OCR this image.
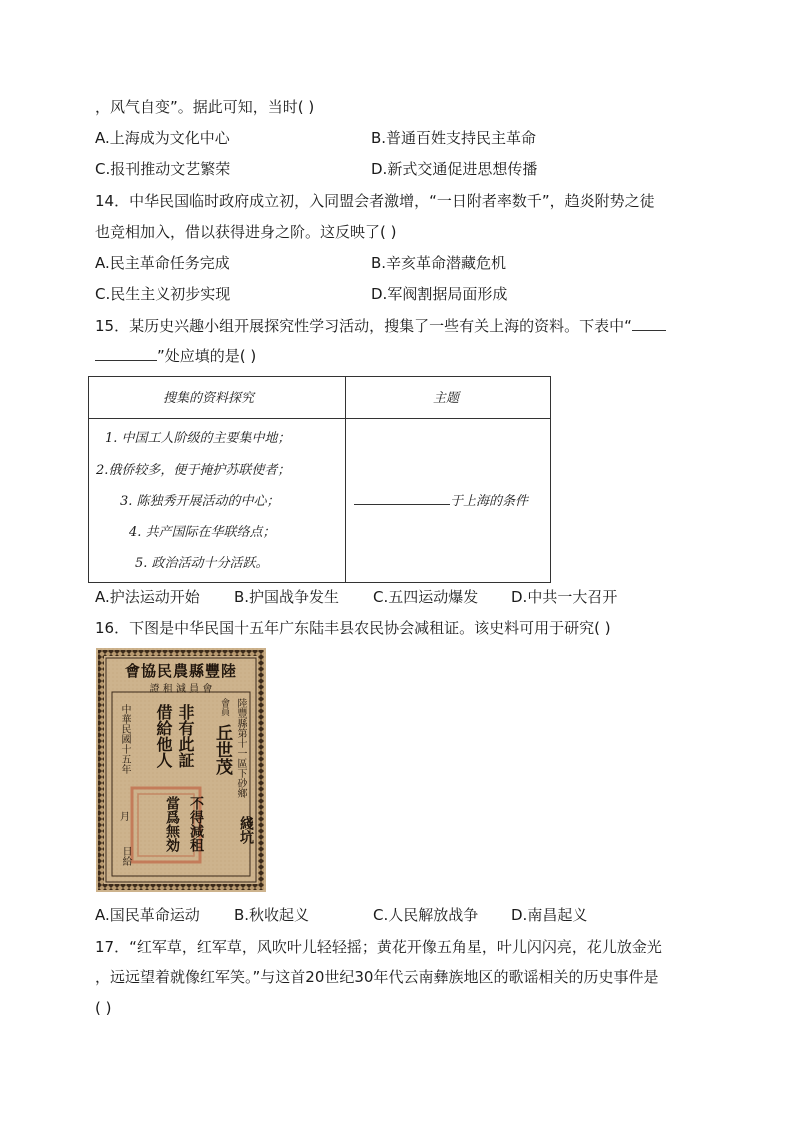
，风气自变”。据此可知，当时( )
A.上海成为文化中心	B.普通百姓支持民主革命
C.报刊推动文艺繁荣	D.新式交通促进思想传播
14．中华民国临时政府成立初，入同盟会者激增，“一日附者率数千”，趋炎附势之徒
也竞相加入，借以获得进身之阶。这反映了( )
A.民主革命任务完成	B.辛亥革命潜藏危机
C.民生主义初步实现	D.军阀割据局面形成
15．某历史兴趣小组开展探究性学习活动，搜集了一些有关上海的资料。下表中“
”处应填的是( )
搜集的资料探究	主题
1. 中国工人阶级的主要集中地；
2.俄侨较多，便于掩护苏联使者；
3. 陈独秀开展活动的中心；
4. 共产国际在华联络点；
5. 政治活动十分活跃。
于上海的条件
A.护法运动开始 B.护国战争发生 C.五四运动爆发 D.中共一大召开
16．下图是中华民国十五年广东陆丰县农民协会减租证。该史料可用于研究( )
會協民農縣豐陸
證 租 減 員 會
陸豐縣第十一區下砂鄉
綫坑
會員
丘世茂
非有此証
借給他人
不得減租
當爲無効
中華民國十五年
月
日給
A.国民革命运动 B.秋收起义	C.人民解放战争 D.南昌起义
17．“红军草，红军草，风吹叶儿轻轻摇；黄花开像五角星，叶儿闪闪亮，花儿放金光
，远远望着就像红军笑。”与这首20世纪30年代云南彝族地区的歌谣相关的历史事件是
( )
